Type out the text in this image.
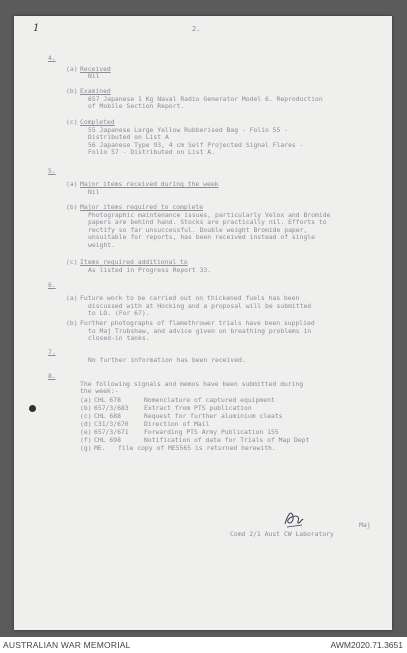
1	2.
4.
(a) Received
Nil
(b) Examined
657 Japanese 1 Kg Naval Radio Generator Model 6. Reproduction
of Mobile Section Report.
(c) Completed
55 Japanese Large Yellow Rubberised Bag - Folio 55 -
Distributed on List A
56 Japanese Type 93, 4 cm Self Projected Signal Flares -
Folio 57 - Distributed on List A.
5.
(a) Major items received during the week
Nil
(b) Major items required to complete
Photographic maintenance issues, particularly Velox and Bromide
papers are behind hand. Stocks are practically nil. Efforts to
rectify so far unsuccessful. Double weight Bromide paper,
unsuitable for reports, has been received instead of single
weight.
(c) Items required additional to
As listed in Progress Report 33.
6.
(a) Future work to be carried out on thickened fuels has been
discussed with at Hocking and a proposal will be submitted
to LO. (For 67).
(b) Further photographs of flamethrower trials have been supplied
to Maj Trubshaw, and advice given on breathing problems in
closed-in tanks.
7.
No further information has been received.
8.
The following signals and memos have been submitted during
the week:-
(a) CHL 678	Nomenclature of captured equipment
(b) 657/3/683 Extract from PTS publication
(c) CHL 688	Request for further aluminium cleats
(d) C31/3/670 Direction of Mail
(e) 657/3/671 Forwarding PTS Army Publication 155
(f) CHL 698	Notification of date for Trials of Map Dept
(g) ME. file copy of ME5565 is returned herewith.
Maj
Comd 2/1 Aust CW Laboratory
AUSTRALIAN WAR MEMORIAL	AWM2020.71.3651
